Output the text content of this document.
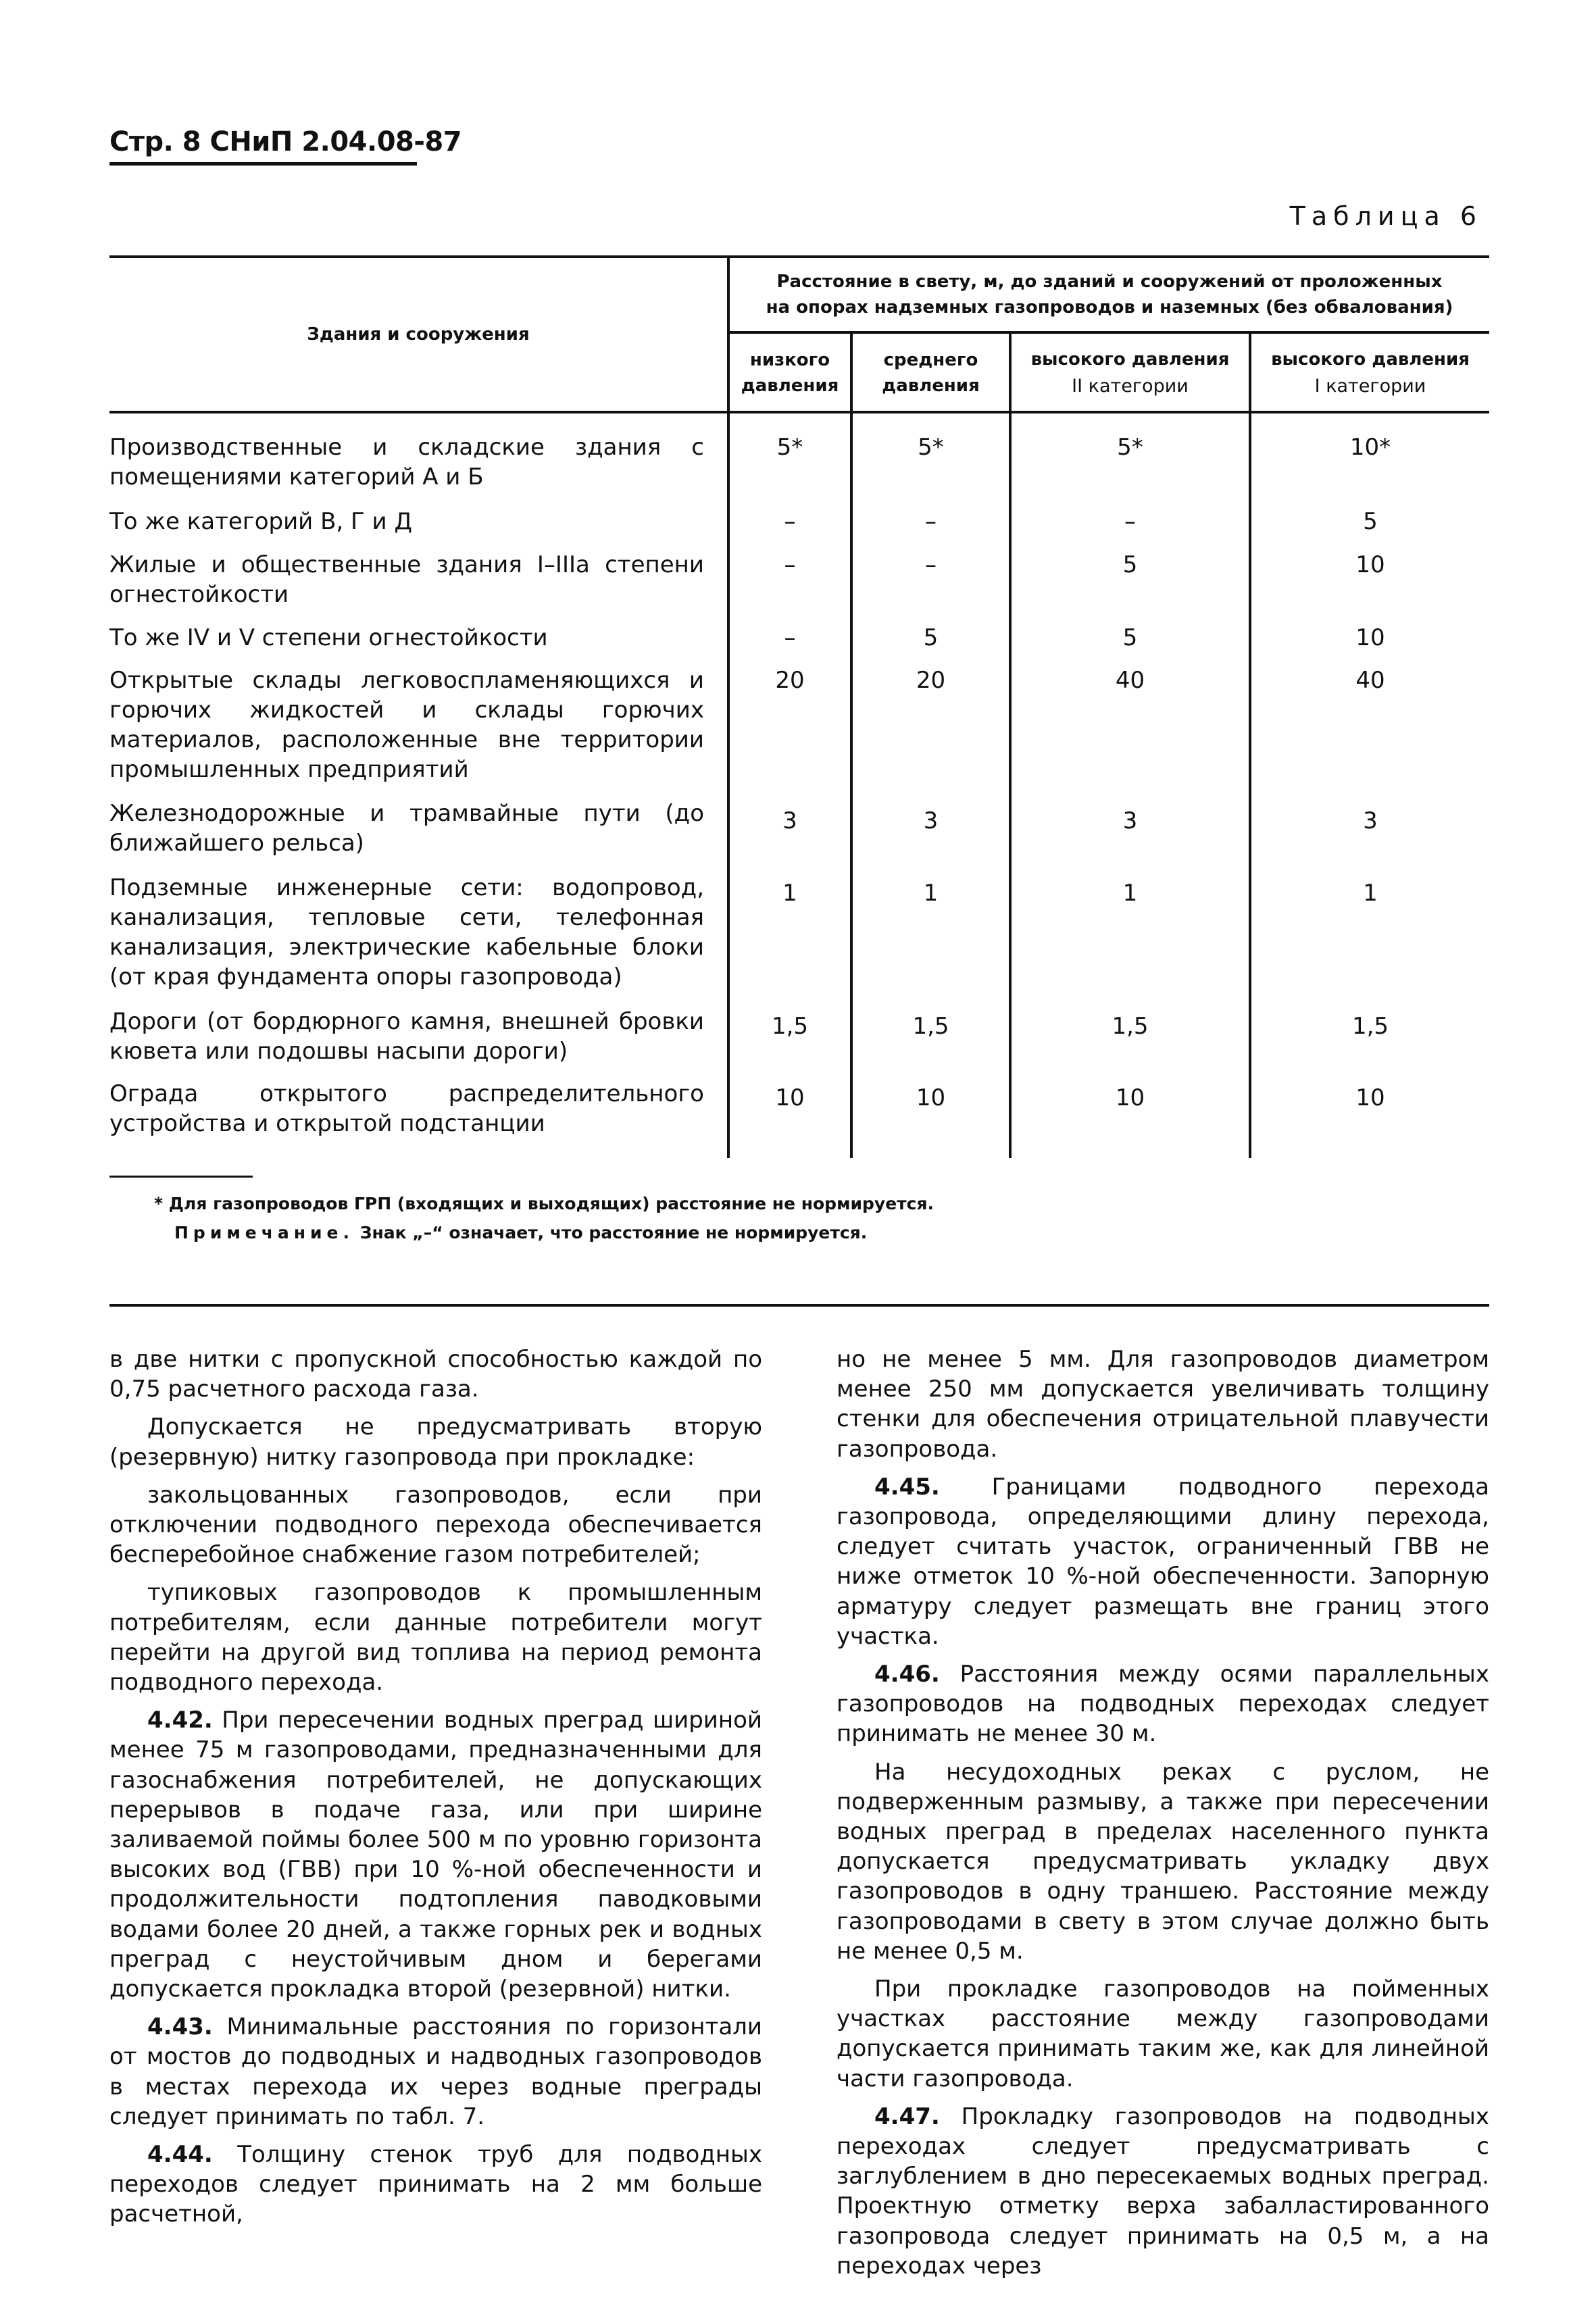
Стр. 8 СНиП 2.04.08-87
Таблица 6
Здания и сооружения
Расстояние в свету, м, до зданий и сооружений от проложенных
на опорах надземных газопроводов и наземных (без обвалования)
низкого
давления
среднего
давления
высокого давления
II категории
высокого давления
I категории
Производственные и складские здания с помещениями категорий А и Б
5*	5*	5*	10*
То же категорий В, Г и Д	–	–	–	5
Жилые и общественные здания I–IIIа степени огнестойкости
–	–	5	10
То же IV и V степени огнестойкости	–	5	5	10
Открытые склады легковоспламеняющихся и горючих жидкостей и склады горючих материалов, расположенные вне территории промышленных предприятий
20	20	40	40
Железнодорожные и трамвайные пути (до ближайшего рельса)
3	3	3	3
Подземные инженерные сети: водопровод, канализация, тепловые сети, телефонная канализация, электрические кабельные блоки (от края фундамента опоры газопровода)
1	1	1	1
Дороги (от бордюрного камня, внешней бровки кювета или подошвы насыпи дороги)
1,5	1,5	1,5	1,5
Ограда открытого распределительного устройства и открытой подстанции
10	10	10	10
* Для газопроводов ГРП (входящих и выходящих) расстояние не нормируется.
Примечание. Знак „–“ означает, что расстояние не нормируется.

в две нитки с пропускной способностью каждой по 0,75 расчетного расхода газа.

Допускается не предусматривать вторую (резервную) нитку газопровода при прокладке:

закольцованных газопроводов, если при отключении подводного перехода обеспечивается бесперебойное снабжение газом потребителей;

тупиковых газопроводов к промышленным потребителям, если данные потребители могут перейти на другой вид топлива на период ремонта подводного перехода.

4.42. При пересечении водных преград шириной менее 75 м газопроводами, предназначенными для газоснабжения потребителей, не допускающих перерывов в подаче газа, или при ширине заливаемой поймы более 500 м по уровню горизонта высоких вод (ГВВ) при 10 %-ной обеспеченности и продолжительности подтопления паводковыми водами более 20 дней, а также горных рек и водных преград с неустойчивым дном и берегами допускается прокладка второй (резервной) нитки.

4.43. Минимальные расстояния по горизонтали от мостов до подводных и надводных газопроводов в местах перехода их через водные преграды следует принимать по табл. 7.

4.44. Толщину стенок труб для подводных переходов следует принимать на 2 мм больше расчетной,

но не менее 5 мм. Для газопроводов диаметром менее 250 мм допускается увеличивать толщину стенки для обеспечения отрицательной плавучести газопровода.

4.45. Границами подводного перехода газопровода, определяющими длину перехода, следует считать участок, ограниченный ГВВ не ниже отметок 10 %-ной обеспеченности. Запорную арматуру следует размещать вне границ этого участка.

4.46. Расстояния между осями параллельных газопроводов на подводных переходах следует принимать не менее 30 м.

На несудоходных реках с руслом, не подверженным размыву, а также при пересечении водных преград в пределах населенного пункта допускается предусматривать укладку двух газопроводов в одну траншею. Расстояние между газопроводами в свету в этом случае должно быть не менее 0,5 м.

При прокладке газопроводов на пойменных участках расстояние между газопроводами допускается принимать таким же, как для линейной части газопровода.

4.47. Прокладку газопроводов на подводных переходах следует предусматривать с заглублением в дно пересекаемых водных преград. Проектную отметку верха забалластированного газопровода следует принимать на 0,5 м, а на переходах через
